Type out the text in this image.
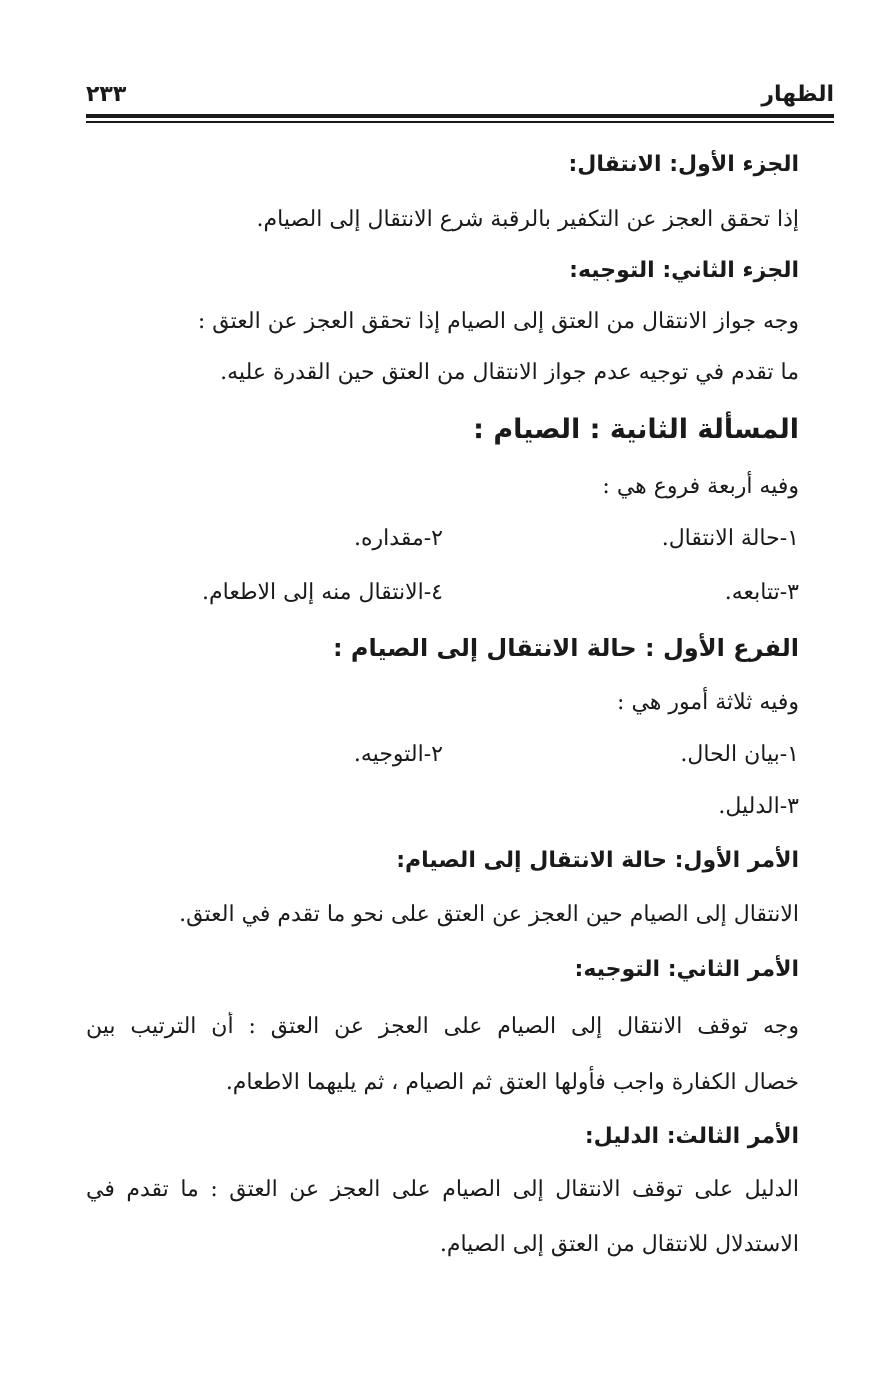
الظهار
٢٣٣
الجزء الأول: الانتقال:
إذا تحقق العجز عن التكفير بالرقبة شرع الانتقال إلى الصيام.
الجزء الثاني: التوجيه:
وجه جواز الانتقال من العتق إلى الصيام إذا تحقق العجز عن العتق :
ما تقدم في توجيه عدم جواز الانتقال من العتق حين القدرة عليه.
المسألة الثانية : الصيام :
وفيه أربعة فروع هي :
١-حالة الانتقال.
٢-مقداره.
٣-تتابعه.
٤-الانتقال منه إلى الاطعام.
الفرع الأول : حالة الانتقال إلى الصيام :
وفيه ثلاثة أمور هي :
١-بيان الحال.
٢-التوجيه.
٣-الدليل.
الأمر الأول: حالة الانتقال إلى الصيام:
الانتقال إلى الصيام حين العجز عن العتق على نحو ما تقدم في العتق.
الأمر الثاني: التوجيه:
وجه توقف الانتقال إلى الصيام على العجز عن العتق : أن الترتيب بين
خصال الكفارة واجب فأولها العتق ثم الصيام ، ثم يليهما الاطعام.
الأمر الثالث: الدليل:
الدليل على توقف الانتقال إلى الصيام على العجز عن العتق : ما تقدم في
الاستدلال للانتقال من العتق إلى الصيام.
